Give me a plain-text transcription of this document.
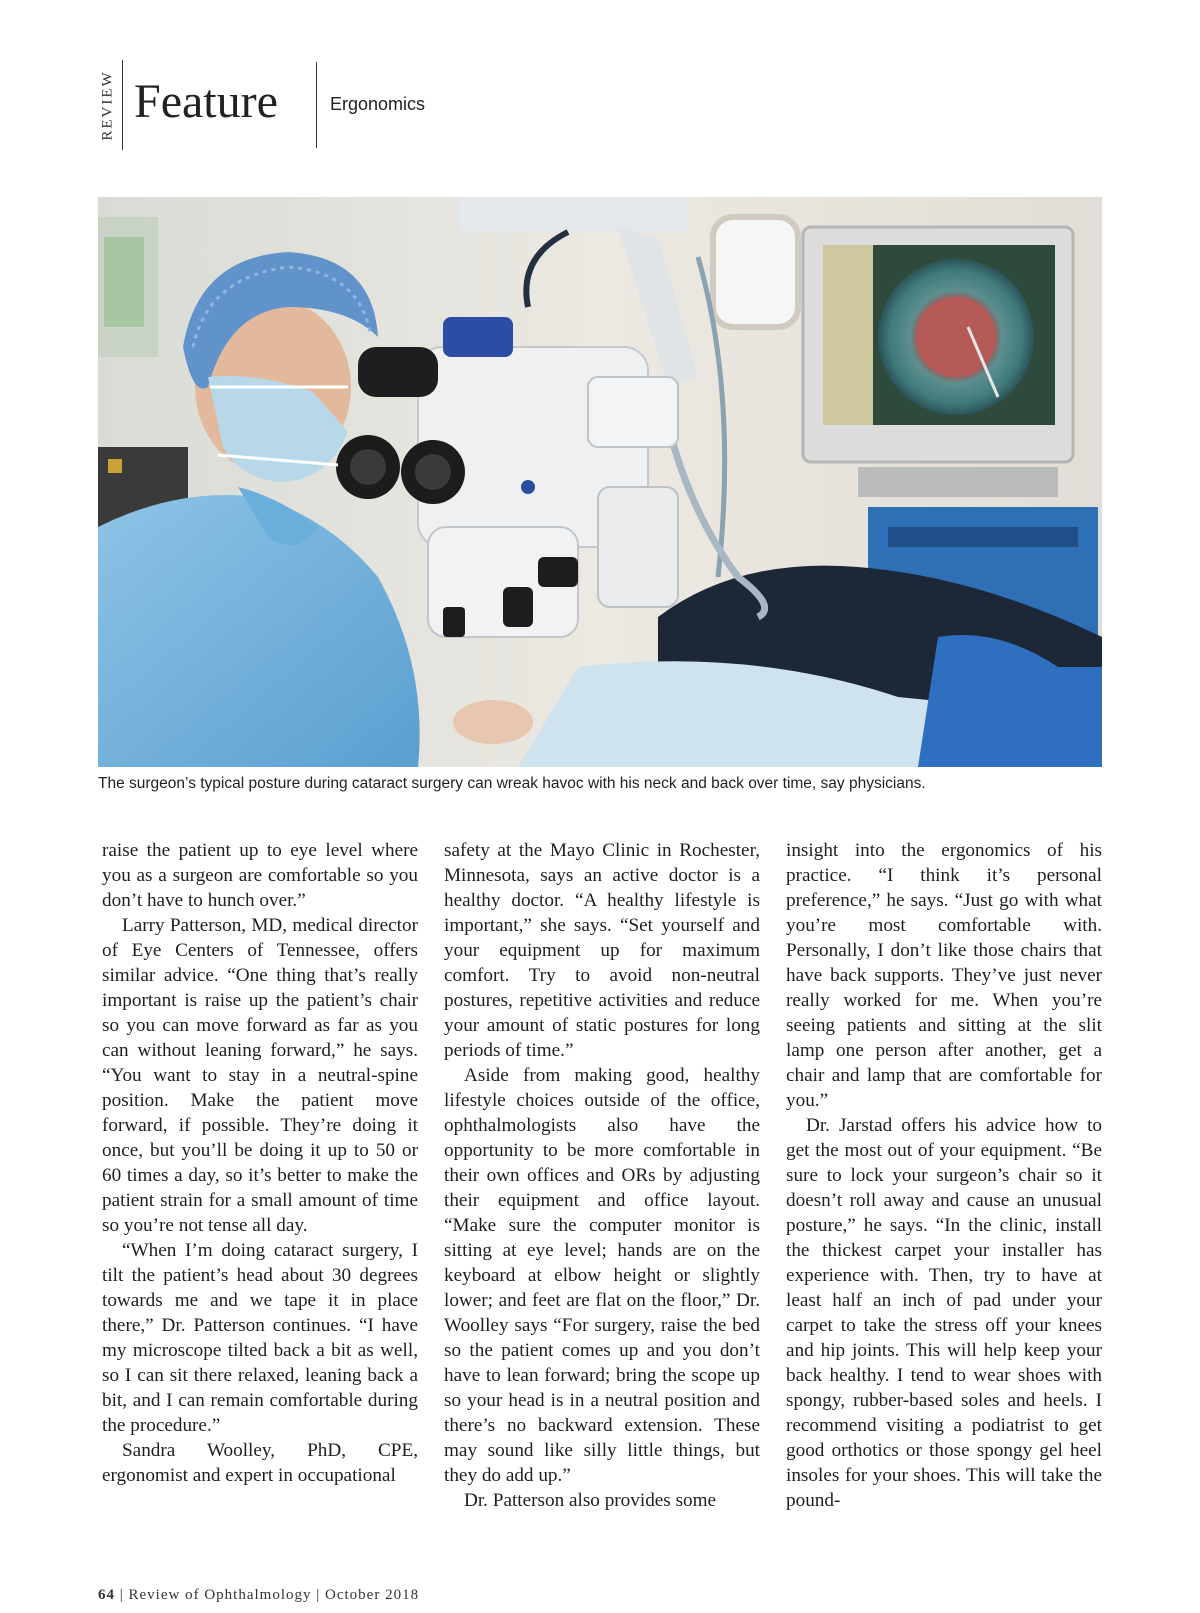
REVIEW Feature	Ergonomics
The surgeon’s typical posture during cataract surgery can wreak havoc with his neck and back over time, say physicians.

raise the patient up to eye level where you as a surgeon are comfortable so you don’t have to hunch over.”

Larry Patterson, MD, medical director of Eye Centers of Tennessee, offers similar advice. “One thing that’s really important is raise up the patient’s chair so you can move forward as far as you can without leaning forward,” he says. “You want to stay in a neutral-spine position. Make the patient move forward, if possible. They’re doing it once, but you’ll be doing it up to 50 or 60 times a day, so it’s better to make the patient strain for a small amount of time so you’re not tense all day.

“When I’m doing cataract surgery, I tilt the patient’s head about 30 degrees towards me and we tape it in place there,” Dr. Patterson continues. “I have my microscope tilted back a bit as well, so I can sit there relaxed, leaning back a bit, and I can remain comfortable during the procedure.”

Sandra Woolley, PhD, CPE, ergonomist and expert in occupational

safety at the Mayo Clinic in Rochester, Minnesota, says an active doctor is a healthy doctor. “A healthy lifestyle is important,” she says. “Set yourself and your equipment up for maximum comfort. Try to avoid non-neutral postures, repetitive activities and reduce your amount of static postures for long periods of time.”

Aside from making good, healthy lifestyle choices outside of the office, ophthalmologists also have the opportunity to be more comfortable in their own offices and ORs by adjusting their equipment and office layout. “Make sure the computer monitor is sitting at eye level; hands are on the keyboard at elbow height or slightly lower; and feet are flat on the floor,” Dr. Woolley says “For surgery, raise the bed so the patient comes up and you don’t have to lean forward; bring the scope up so your head is in a neutral position and there’s no backward extension. These may sound like silly little things, but they do add up.”

Dr. Patterson also provides some

insight into the ergonomics of his practice. “I think it’s personal preference,” he says. “Just go with what you’re most comfortable with. Personally, I don’t like those chairs that have back supports. They’ve just never really worked for me. When you’re seeing patients and sitting at the slit lamp one person after another, get a chair and lamp that are comfortable for you.”

Dr. Jarstad offers his advice how to get the most out of your equipment. “Be sure to lock your surgeon’s chair so it doesn’t roll away and cause an unusual posture,” he says. “In the clinic, install the thickest carpet your installer has experience with. Then, try to have at least half an inch of pad under your carpet to take the stress off your knees and hip joints. This will help keep your back healthy. I tend to wear shoes with spongy, rubber-based soles and heels. I recommend visiting a podiatrist to get good orthotics or those spongy gel heel insoles for your shoes. This will take the pound-

64 | Review of Ophthalmology | October 2018
